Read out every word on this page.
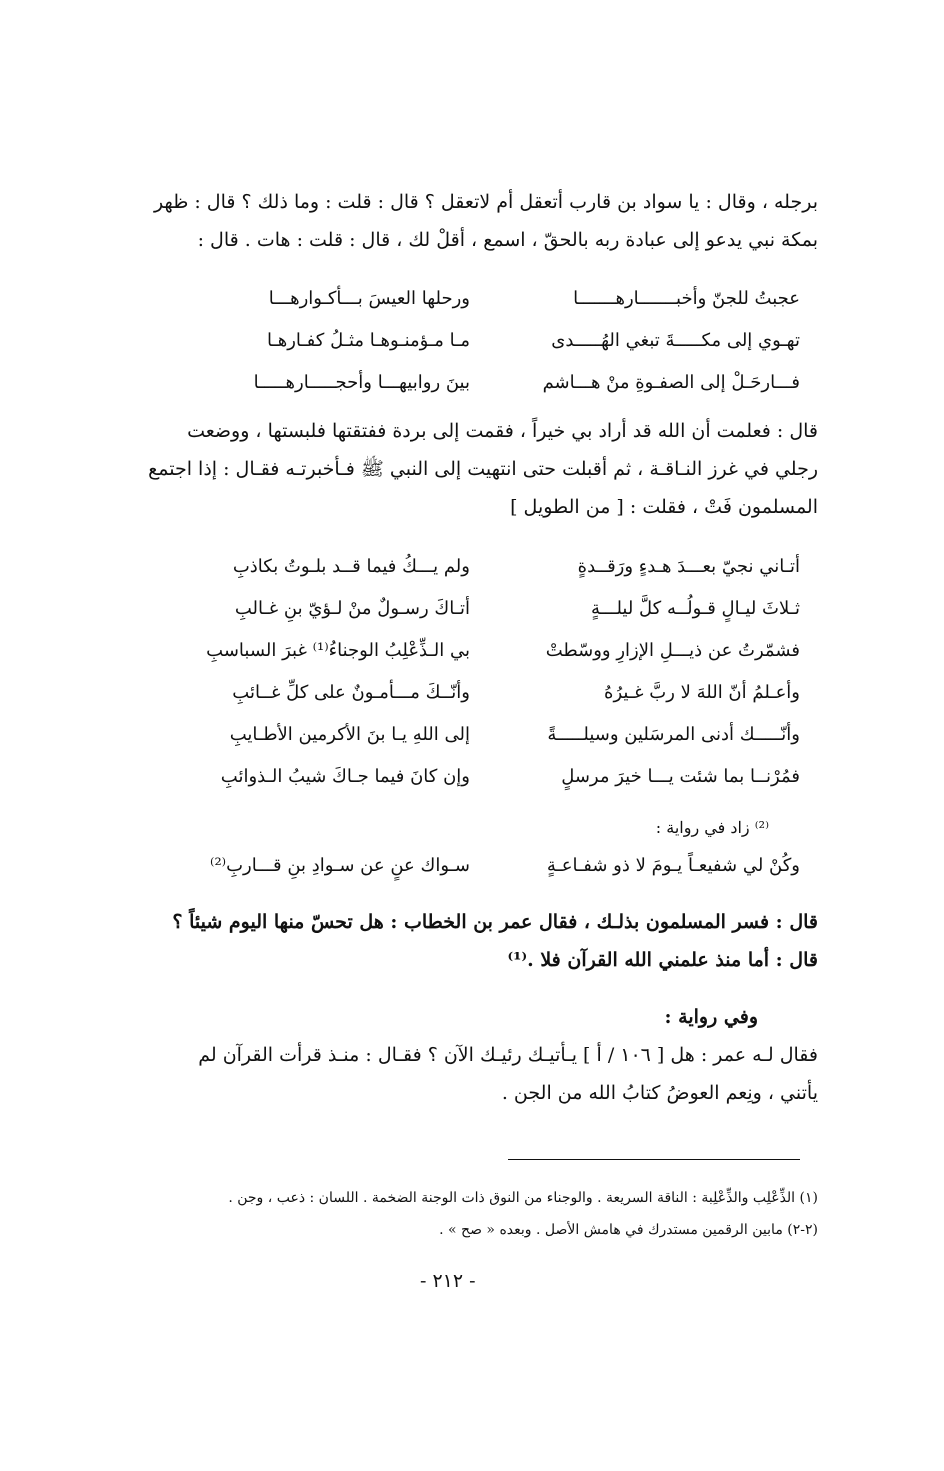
برجله ، وقال : يا سواد بن قارب أتعقل أم لاتعقل ؟ قال : قلت : وما ذلك ؟ قال : ظهر
بمكة نبي يدعو إلى عبادة ربه بالحقّ ، اسمع ، أقلْ لك ، قال : قلت : هات . قال :
عجبتُ للجنّ وأخبـــــــارهـــــــا
ورحلها العيسَ بـــأكـوارهـــا
تهـوي إلى مكـــــةَ تبغي الهُـــــدى
مـا مـؤمنـوهـا مثـلُ كفـارهـا
فـــارحَـلْ إلى الصفـوةِ منْ هـــاشم
بينَ روابيهـــا وأحجـــــارهـــــا
قال : فعلمت أن الله قد أراد بي خيراً ، فقمت إلى بردة ففتقتها فلبستها ، ووضعت
رجلي في غرز النـاقـة ، ثم أقبلت حتى انتهيت إلى النبي ﷺ فـأخبرتـه فقـال : إذا اجتمع
المسلمون فَتْ ، فقلت : [ من الطويل ]
أتـاني نجيّ بعـــدَ هـدءٍ ورَقــدةٍ
ولم يـــكُ فيما قــد بلـوتُ بكاذبِ
ثـلاثَ ليـالٍ قـولُــه كلَّ ليلـــةٍ
أتـاكَ رسـولٌ منْ لـؤيّ بنِ غـالبِ
فشمّرتُ عن ذيـــلِ الإزارِ ووسّطتْ
بي الـذِّعْلِبُ الوجناءُ⁽¹⁾ غبرَ السباسبِ
وأعـلمُ أنّ اللهَ لا ربَّ غـيرُهُ
وأنّــكَ مـــأمـونٌ على كلِّ غــائبِ
وأنّـــــك أدنى المرسَلين وسيلـــــةً
إلى اللهِ يـا بنَ الأكرمين الأطـايبِ
فمُرْنــا بما شئت يـــا خيرَ مرسلٍ
وإن كانَ فيما جـاكَ شيبُ الـذوائبِ
⁽²⁾ زاد في رواية :
وكُنْ لي شفيعـاً يـومَ لا ذو شفـاعـةٍ
سـواك عنٍ عن سـوادِ بنِ قـــاربِ⁽²⁾
قال : فسر المسلمون بذلـك ، فقال عمر بن الخطاب : هل تحسّ منها اليوم شيئاً ؟
قال : أما منذ علمني الله القرآن فلا .⁽¹⁾
وفي رواية :
فقال لـه عمر : هل [ ١٠٦ / أ ] يـأتيـك رئيـك الآن ؟ فقـال : منـذ قرأت القرآن لم
يأتني ، ونِعم العوضُ كتابُ الله من الجن .
(١) الذِّعْلِب والذِّعْلِبة : الناقة السريعة . والوجناء من النوق ذات الوجنة الضخمة . اللسان : ذعب ، وجن .
(٢-٢) مابين الرقمين مستدرك في هامش الأصل . وبعده « صح » .
- ٢١٢ -
